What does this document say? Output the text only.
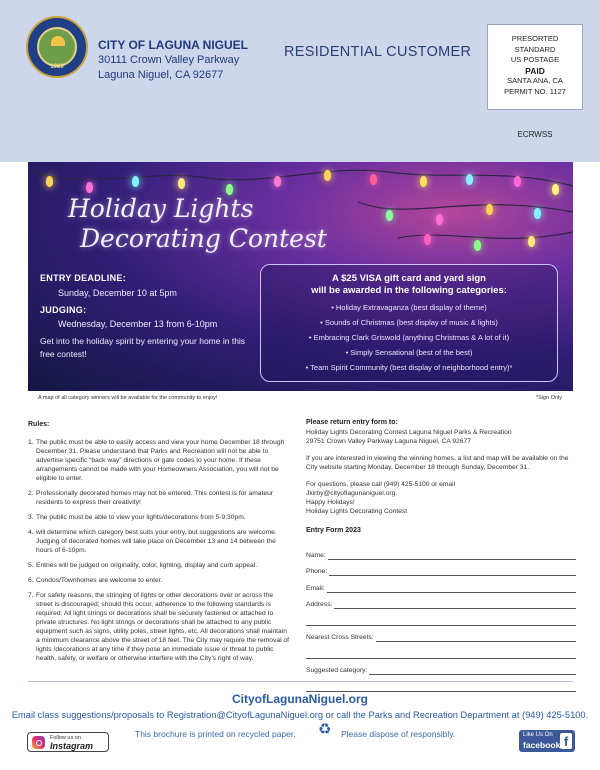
1989
CITY OF LAGUNA NIGUEL
30111 Crown Valley Parkway
Laguna Niguel, CA 92677
RESIDENTIAL CUSTOMER
PRESORTED
STANDARD
US POSTAGE
PAID
SANTA ANA, CA
PERMIT NO. 1127
ECRWSS
Holiday Lights
Decorating Contest
ENTRY DEADLINE:
Sunday, December 10 at 5pm
JUDGING:
Wednesday, December 13 from 6-10pm
Get into the holiday spirit by entering your home in this free contest!
A $25 VISA gift card and yard sign
will be awarded in the following categories:
• Holiday Extravaganza (best display of theme)
• Sounds of Christmas (best display of music & lights)
• Embracing Clark Griswold (anything Christmas & A lot of it)
• Simply Sensational (best of the best)
• Team Spirit Community (best display of neighborhood entry)*
A map of all category winners will be available for the community to enjoy!	*Sign Only
Rules:
1. The public must be able to easily access and view your home December 18 through December 31. Please understand that Parks and Recreation will not be able to advertise specific “back way” directions or gate codes to your home. If these arrangements cannot be made with your Homeowners Association, you will not be eligible to enter.
2. Professionally decorated homes may not be entered. This contest is for amateur residents to express their creativity!
3. The public must be able to view your lights/decorations from 5-9:30pm.
4. will determine which category best suits your entry, but suggestions are welcome. Judging of decorated homes will take place on December 13 and 14 between the hours of 6-10pm.
5. Entries will be judged on originality, color, lighting, display and curb appeal.
6. Condos/Townhomes are welcome to enter.
7. For safety reasons, the stringing of lights or other decorations over or across the street is discouraged; should this occur, adherence to the following standards is required: All light strings or decorations shall be securely fastened or attached to private structures. No light strings or decorations shall be attached to any public equipment such as signs, utility poles, street lights, etc. All decorations shall maintain a minimum clearance above the street of 18 feet. The City may require the removal of lights /decorations at any time if they pose an immediate issue or threat to public health, safety, or welfare or otherwise interfere with the City’s right of way.
Please return entry form to:
Holiday Lights Decorating Contest Laguna Niguel Parks & Recreation
29751 Crown Valley Parkway Laguna Niguel, CA 92677
If you are interested in viewing the winning homes, a list and map will be available on the City website starting Monday, December 18 through Sunday, December 31.
For questions, please call (949) 425-5100 or email
Jkirby@cityoflagunaniguel.org.
Happy Holidays!
Holiday Lights Decorating Contest
Entry Form 2023
Name:
Phone:
Email:
Address:
Nearest Cross Streets:
Suggested category:
CityofLagunaNiguel.org
Email class suggestions/proposals to Registration@CityofLagunaNiguel.org or call the Parks and Recreation Department at (949) 425-5100.
Follow us on
Instagram
This brochure is printed on recycled paper. ♻ Please dispose of responsibly.	Like Us On
facebook f
